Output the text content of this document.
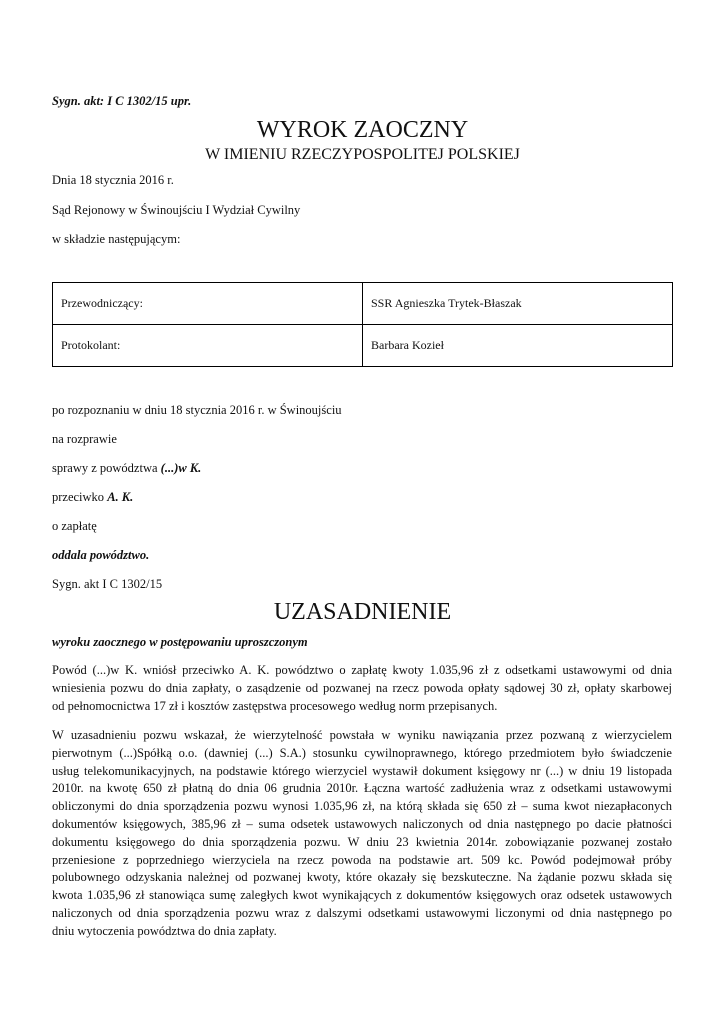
Sygn. akt: I C 1302/15 upr.
WYROK ZAOCZNY
W IMIENIU RZECZYPOSPOLITEJ POLSKIEJ
Dnia 18 stycznia 2016 r.
Sąd Rejonowy w Świnoujściu I Wydział Cywilny
w składzie następującym:
Przewodniczący:	SSR Agnieszka Trytek-Błaszak
Protokolant:	Barbara Kozieł
po rozpoznaniu w dniu 18 stycznia 2016 r. w Świnoujściu
na rozprawie
sprawy z powództwa (...)w K.
przeciwko A. K.
o zapłatę
oddala powództwo.
Sygn. akt I C 1302/15
UZASADNIENIE
wyroku zaocznego w postępowaniu uproszczonym
Powód (...)w K. wniósł przeciwko A. K. powództwo o zapłatę kwoty 1.035,96 zł z odsetkami ustawowymi od dnia
wniesienia pozwu do dnia zapłaty, o zasądzenie od pozwanej na rzecz powoda opłaty sądowej 30 zł, opłaty skarbowej
od pełnomocnictwa 17 zł i kosztów zastępstwa procesowego według norm przepisanych.
W uzasadnieniu pozwu wskazał, że wierzytelność powstała w wyniku nawiązania przez pozwaną z wierzycielem
pierwotnym (...)Spółką o.o. (dawniej (...) S.A.) stosunku cywilnoprawnego, którego przedmiotem było świadczenie
usług telekomunikacyjnych, na podstawie którego wierzyciel wystawił dokument księgowy nr (...) w dniu 19 listopada
2010r. na kwotę 650 zł płatną do dnia 06 grudnia 2010r. Łączna wartość zadłużenia wraz z odsetkami ustawowymi
obliczonymi do dnia sporządzenia pozwu wynosi 1.035,96 zł, na którą składa się 650 zł – suma kwot niezapłaconych
dokumentów księgowych, 385,96 zł – suma odsetek ustawowych naliczonych od dnia następnego po dacie płatności
dokumentu księgowego do dnia sporządzenia pozwu. W dniu 23 kwietnia 2014r. zobowiązanie pozwanej zostało
przeniesione z poprzedniego wierzyciela na rzecz powoda na podstawie art. 509 kc. Powód podejmował próby
polubownego odzyskania należnej od pozwanej kwoty, które okazały się bezskuteczne. Na żądanie pozwu składa się
kwota 1.035,96 zł stanowiąca sumę zaległych kwot wynikających z dokumentów księgowych oraz odsetek ustawowych
naliczonych od dnia sporządzenia pozwu wraz z dalszymi odsetkami ustawowymi liczonymi od dnia następnego po
dniu wytoczenia powództwa do dnia zapłaty.
